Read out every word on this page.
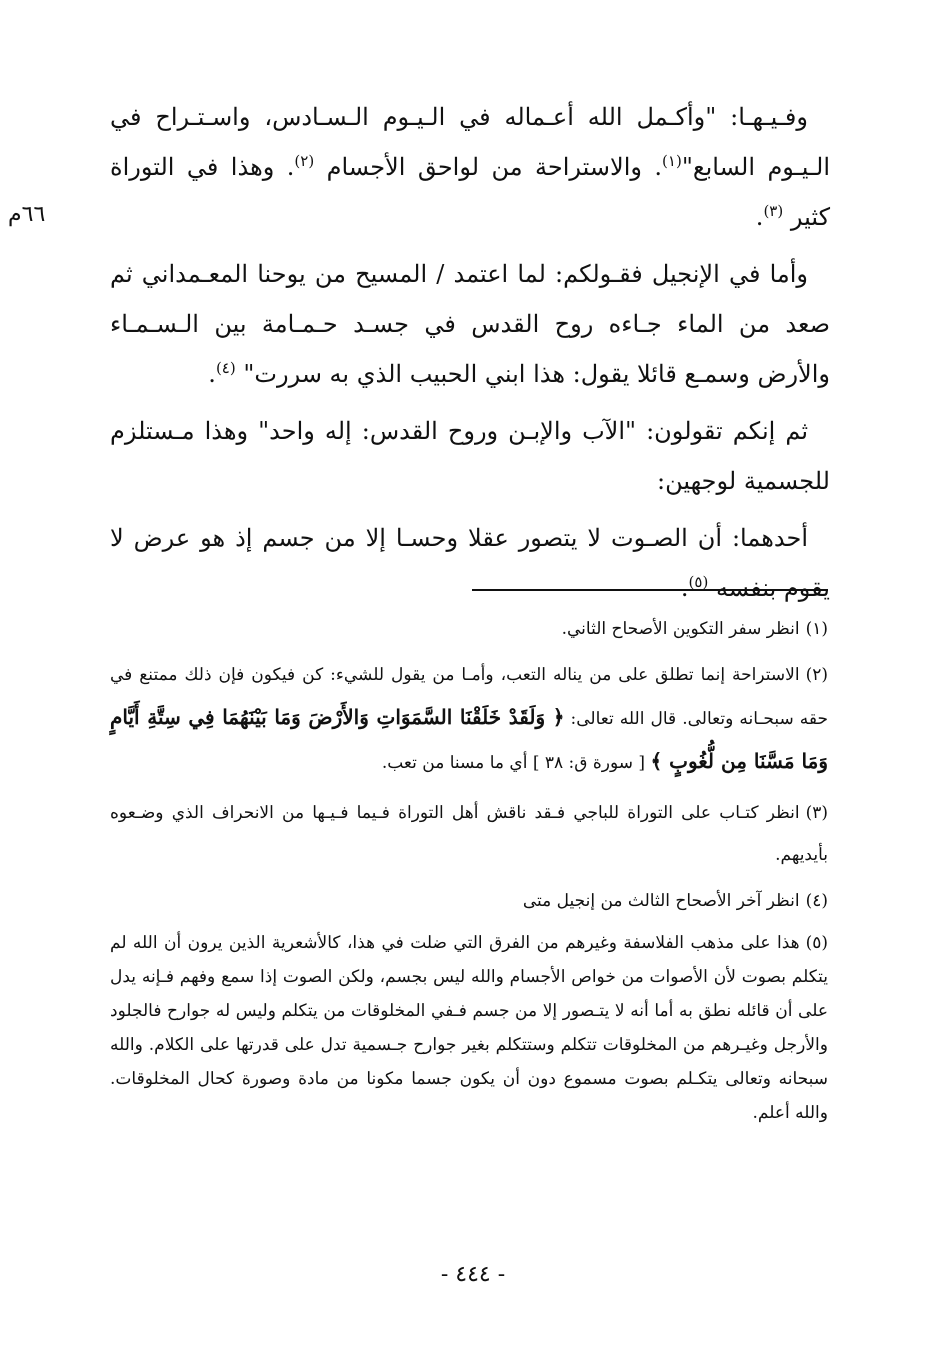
٦٦م

وفـيـهـا: "وأكـمل الله أعـماله في الـيـوم الـسـادس، واسـتـراح في الـيـوم السابع"$^{(١)}$. والاستراحة من لواحق الأجسام $^{(٢)}$. وهذا في التوراة كثير $^{(٣)}$.

وأما في الإنجيل فقـولكم: لما اعتمد / المسيح من يوحنا المعـمداني ثم صعد من الماء جـاءه روح القدس في جسـد حـمـامة بين الـسـمـاء والأرض وسمـع قائلا يقول: هذا ابني الحبيب الذي به سررت" $^{(٤)}$.

ثم إنكم تقولون: "الآب والإبـن وروح القدس: إله واحد" وهذا مـستلزم للجسمية لوجهين:

أحدهما: أن الصـوت لا يتصور عقلا وحسـا إلا من جسم إذ هو عرض لا يقوم بنفسه $^{(٥)}$.

(١)انظر سفر التكوين الأصحاح الثاني.
(٢)الاستراحة إنما تطلق على من يناله التعب، وأمـا من يقول للشيء: كن فيكون فإن ذلك ممتنع في حقه سبحـانه وتعالى. قال الله تعالى: ﴿ وَلَقَدْ خَلَقْنَا السَّمَوَاتِ وَالأَرْضَ وَمَا بَيْنَهُمَا فِي سِتَّةِ أَيَّامٍ وَمَا مَسَّنَا مِن لُّغُوبٍ ﴾ [ سورة ق: ٣٨ ] أي ما مسنا من تعب.
(٣)انظر كتـاب على التوراة للباجي فـقد ناقش أهل التوراة فـيما فـيـها من الانحراف الذي وضـعوه بأيديهم.
(٤)انظر آخر الأصحاح الثالث من إنجيل متى
(٥)هذا على مذهب الفلاسفة وغيرهم من الفرق التي ضلت في هذا، كالأشعرية الذين يرون أن الله لم يتكلم بصوت لأن الأصوات من خواص الأجسام والله ليس بجسم، ولكن الصوت إذا سمع وفهم فـإنه يدل على أن قائله نطق به أما أنه لا يتـصور إلا من جسم فـفي المخلوقات من يتكلم وليس له جوارح فالجلود والأرجل وغيـرهم من المخلوقات تتكلم وستتكلم بغير جوارح جـسمية تدل على قدرتها على الكلام. والله سبحانه وتعالى يتكـلم بصوت مسموع دون أن يكون جسما مكونا من مادة وصورة كحال المخلوقات. والله أعلم.
- ٤٤٤ -
